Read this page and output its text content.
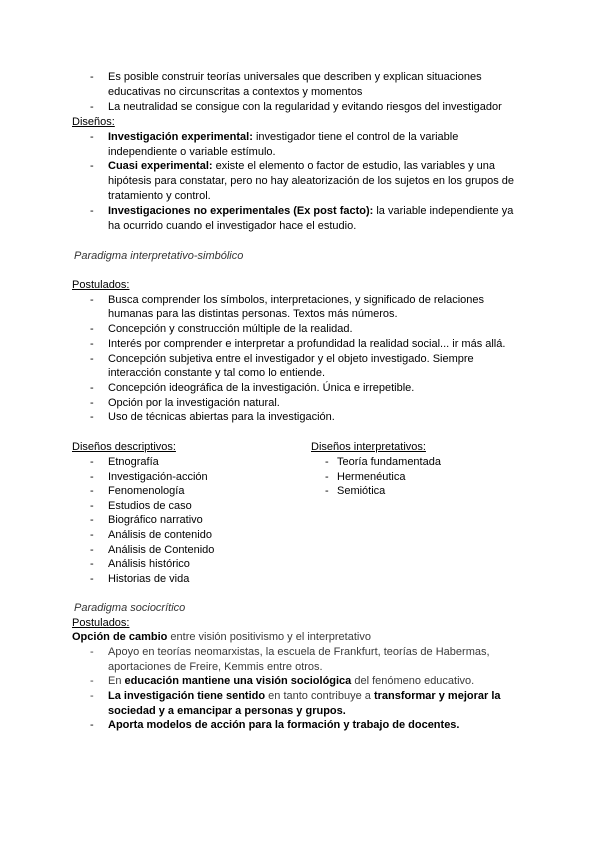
- Es posible construir teorías universales que describen y explican situaciones
educativas no circunscritas a contextos y momentos
- La neutralidad se consigue con la regularidad y evitando riesgos del investigador
Diseños:
- Investigación experimental: investigador tiene el control de la variable
independiente o variable estímulo.
- Cuasi experimental: existe el elemento o factor de estudio, las variables y una
hipótesis para constatar, pero no hay aleatorización de los sujetos en los grupos de
tratamiento y control.
- Investigaciones no experimentales (Ex post facto): la variable independiente ya
ha ocurrido cuando el investigador hace el estudio.
Paradigma interpretativo-simbólico
Postulados:
- Busca comprender los símbolos, interpretaciones, y significado de relaciones
humanas para las distintas personas. Textos más números.
- Concepción y construcción múltiple de la realidad.
- Interés por comprender e interpretar a profundidad la realidad social... ir más allá.
- Concepción subjetiva entre el investigador y el objeto investigado. Siempre
interacción constante y tal como lo entiende.
- Concepción ideográfica de la investigación. Única e irrepetible.
- Opción por la investigación natural.
- Uso de técnicas abiertas para la investigación.
Diseños descriptivos:	Diseños interpretativos:
- Etnografía
- Investigación-acción
- Fenomenología
- Estudios de caso
- Biográfico narrativo
- Análisis de contenido
- Análisis de Contenido
- Análisis histórico
- Historias de vida
- Teoría fundamentada
- Hermenéutica
- Semiótica
Paradigma sociocrítico
Postulados:
Opción de cambio entre visión positivismo y el interpretativo
- Apoyo en teorías neomarxistas, la escuela de Frankfurt, teorías de Habermas,
aportaciones de Freire, Kemmis entre otros.
- En educación mantiene una visión sociológica del fenómeno educativo.
- La investigación tiene sentido en tanto contribuye a transformar y mejorar la
sociedad y a emancipar a personas y grupos.
- Aporta modelos de acción para la formación y trabajo de docentes.
